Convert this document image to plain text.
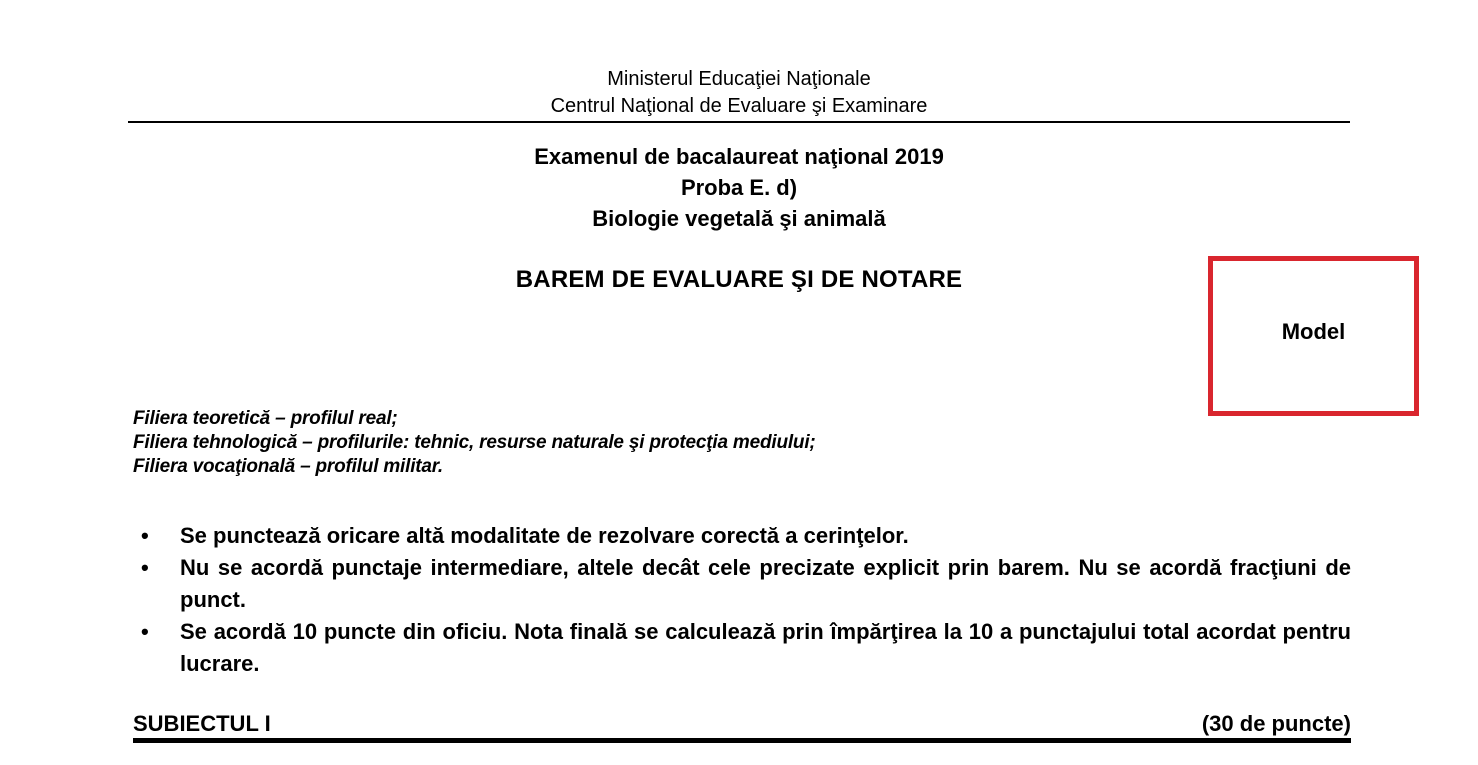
Ministerul Educaţiei Naţionale
Centrul Naţional de Evaluare şi Examinare
Examenul de bacalaureat naţional 2019
Proba E. d)
Biologie vegetală şi animală
BAREM DE EVALUARE ŞI DE NOTARE
Model
Filiera teoretică – profilul real;
Filiera tehnologică – profilurile: tehnic, resurse naturale şi protecţia mediului;
Filiera vocaţională – profilul militar.
• Se punctează oricare altă modalitate de rezolvare corectă a cerinţelor.
• Nu se acordă punctaje intermediare, altele decât cele precizate explicit prin barem. Nu se acordă fracţiuni de punct.
• Se acordă 10 puncte din oficiu. Nota finală se calculează prin împărţirea la 10 a punctajului total acordat pentru lucrare.
SUBIECTUL I	(30 de puncte)
